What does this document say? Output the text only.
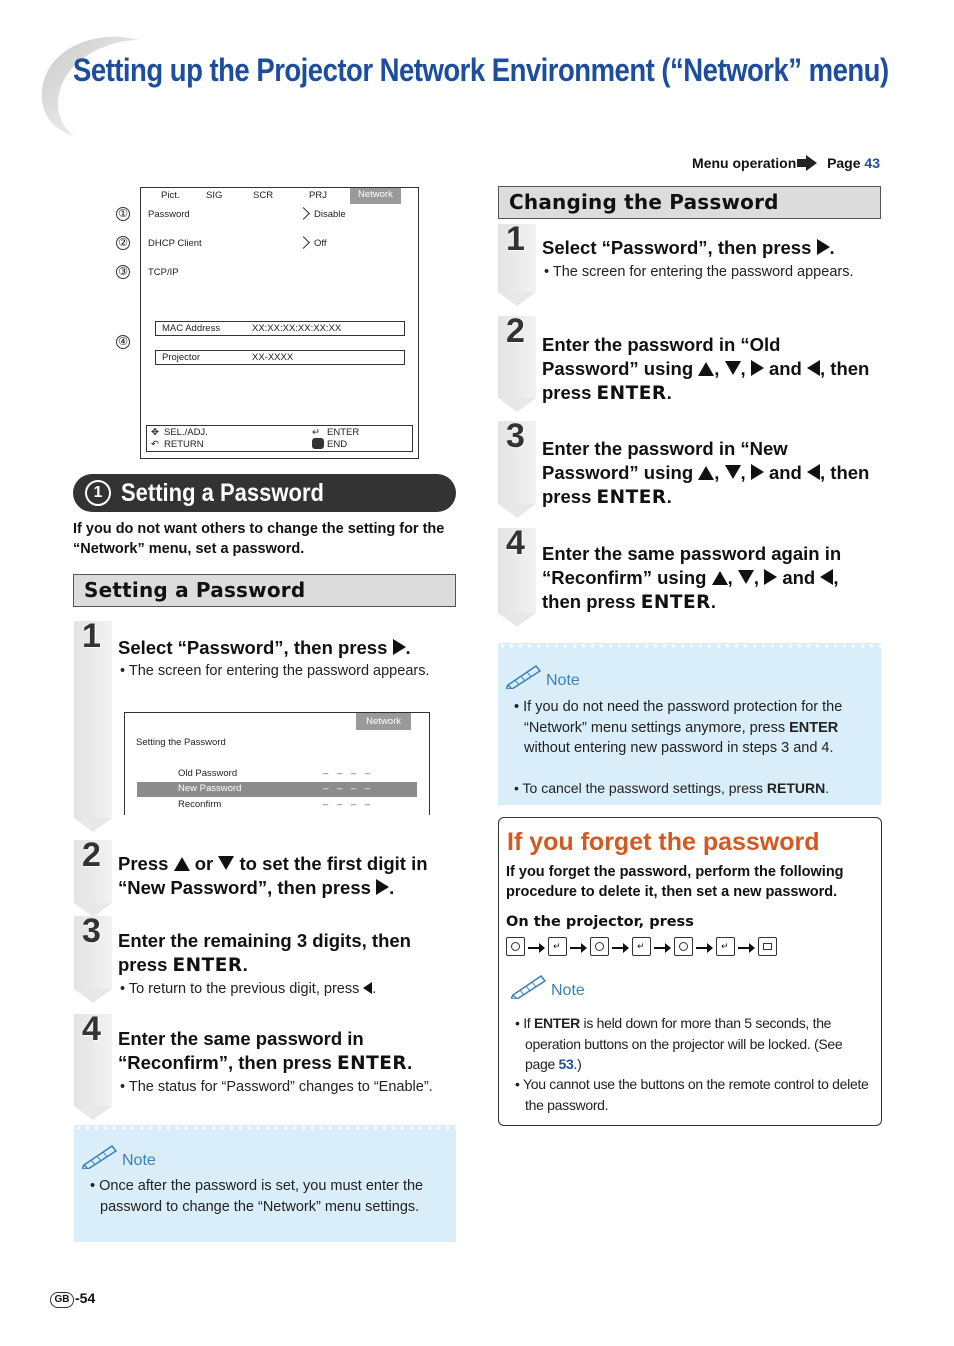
Setting up the Projector Network Environment (“Network” menu)
Menu operation Page 43
①
②
③
④
Pict.	SIG	SCR	PRJ	Network
Password	Disable
DHCP Client	Off
TCP/IP
MAC Address	XX:XX:XX:XX:XX:XX
Projector	XX-XXXX
✥ SEL./ADJ.
↶ RETURN
↵ ENTER
END
1 Setting a Password
If you do not want others to change the setting for the “Network” menu, set a password.
Setting a Password
1 Select “Password”, then press .
• The screen for entering the password appears.
Network
Setting the Password
Old Password	– – – –
New Password	– – – –
Reconfirm	– – – –
2 Press or to set the first digit in “New Password”, then press .
3 Enter the remaining 3 digits, then press ENTER.
• To return to the previous digit, press .
4 Enter the same password in “Reconfirm”, then press ENTER.
• The status for “Password” changes to “Enable”.
Note
• Once after the password is set, you must enter the password to change the “Network” menu settings.
Changing the Password
1 Select “Password”, then press .
• The screen for entering the password appears.
2 Enter the password in “Old Password” using , ,  and , then press ENTER.
3 Enter the password in “New Password” using , ,  and , then press ENTER.
4 Enter the same password again in “Reconfirm” using , ,  and , then press ENTER.
Note
• If you do not need the password protection for the “Network” menu settings anymore, press ENTER without entering new password in steps 3 and 4.
• To cancel the password settings, press RETURN.
If you forget the password
If you forget the password, perform the following procedure to delete it, then set a new password.
On the projector, press
↵	↵	↵
Note
• If ENTER is held down for more than 5 seconds, the operation buttons on the projector will be locked. (See page 53.)
• You cannot use the buttons on the remote control to delete the password.
GB -54
